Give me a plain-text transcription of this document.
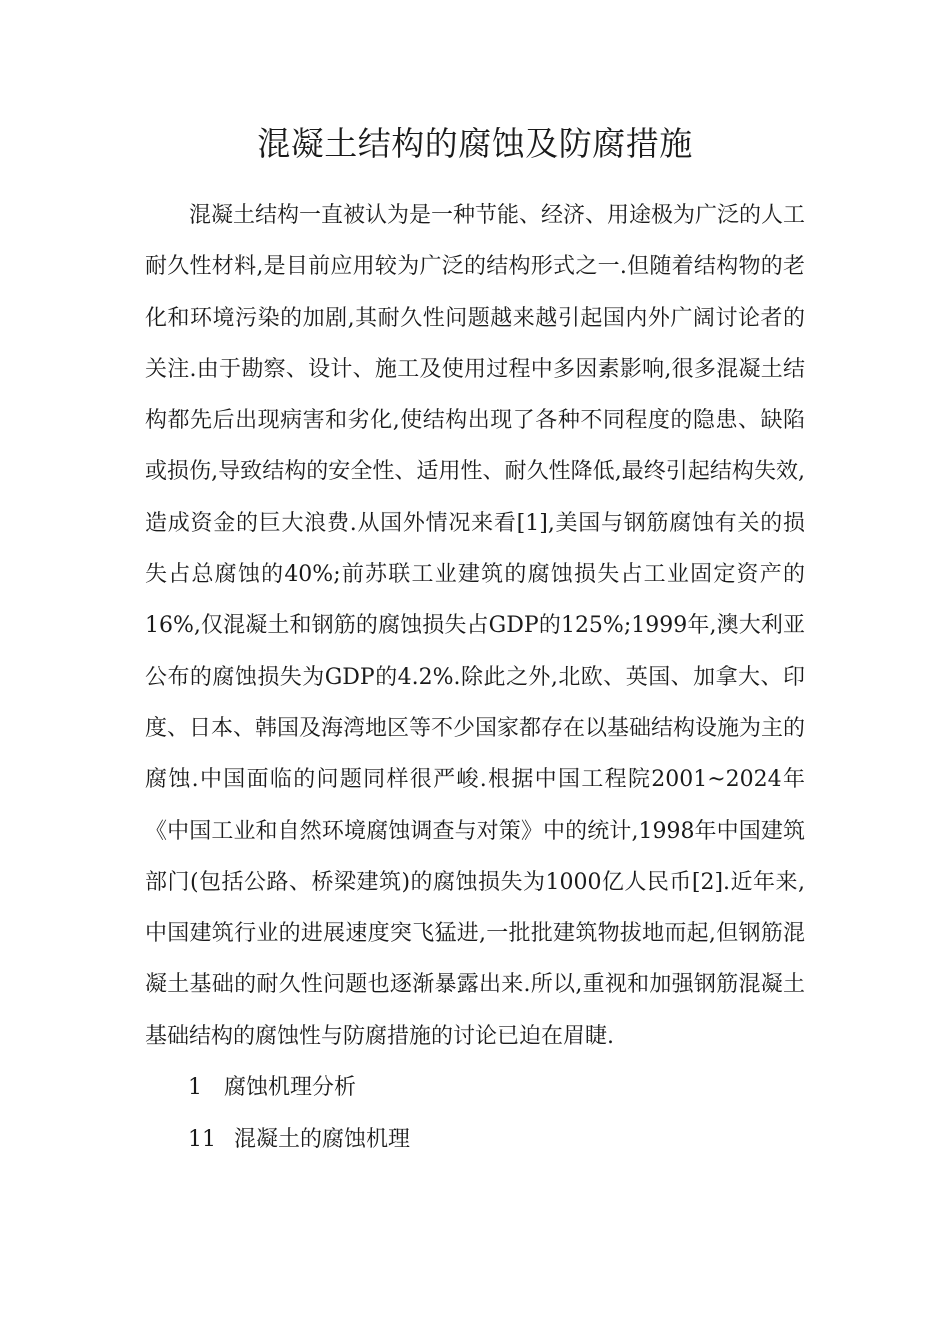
混凝土结构的腐蚀及防腐措施

混凝土结构一直被认为是一种节能、经济、用途极为广泛的人工耐久性材料,是目前应用较为广泛的结构形式之一.但随着结构物的老化和环境污染的加剧,其耐久性问题越来越引起国内外广阔讨论者的关注.由于勘察、设计、施工及使用过程中多因素影响,很多混凝土结构都先后出现病害和劣化,使结构出现了各种不同程度的隐患、缺陷或损伤,导致结构的安全性、适用性、耐久性降低,最终引起结构失效,造成资金的巨大浪费.从国外情况来看[1],美国与钢筋腐蚀有关的损失占总腐蚀的40%;前苏联工业建筑的腐蚀损失占工业固定资产的16%,仅混凝土和钢筋的腐蚀损失占GDP的125%;1999年,澳大利亚公布的腐蚀损失为GDP的4.2%.除此之外,北欧、英国、加拿大、印度、日本、韩国及海湾地区等不少国家都存在以基础结构设施为主的腐蚀.中国面临的问题同样很严峻.根据中国工程院2001~2024年《中国工业和自然环境腐蚀调查与对策》中的统计,1998年中国建筑部门(包括公路、桥梁建筑)的腐蚀损失为1000亿人民币[2].近年来,中国建筑行业的进展速度突飞猛进,一批批建筑物拔地而起,但钢筋混凝土基础的耐久性问题也逐渐暴露出来.所以,重视和加强钢筋混凝土基础结构的腐蚀性与防腐措施的讨论已迫在眉睫.

1 腐蚀机理分析

11 混凝土的腐蚀机理
